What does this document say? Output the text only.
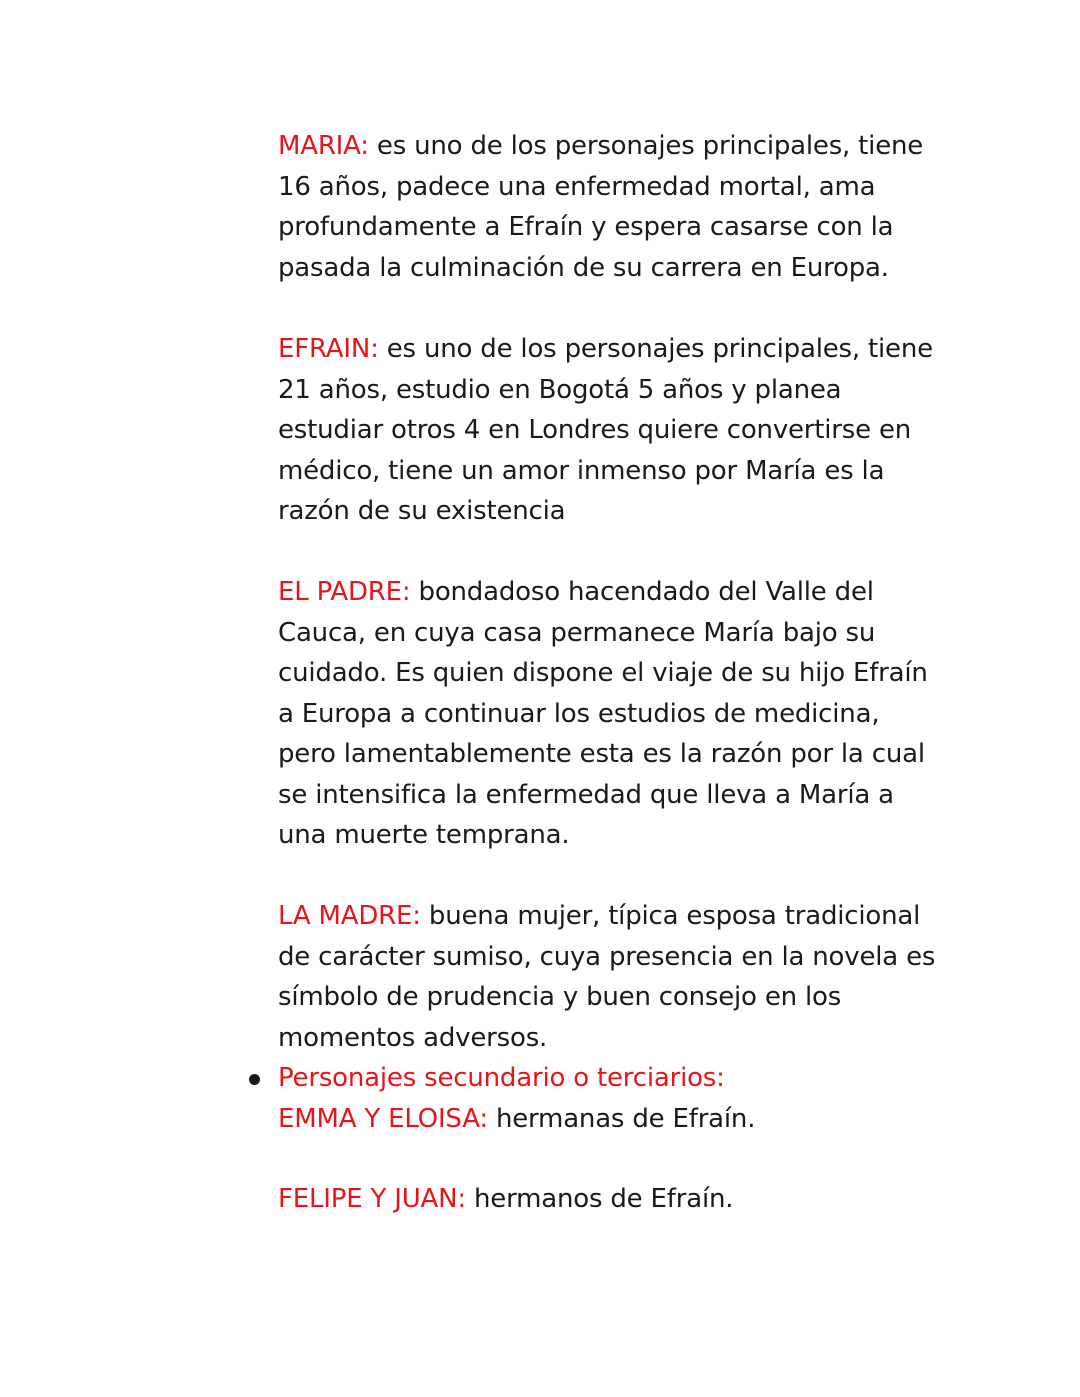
MARIA: es uno de los personajes principales, tiene 16 años, padece una enfermedad mortal, ama profundamente a Efraín y espera casarse con la pasada la culminación de su carrera en Europa.

EFRAIN: es uno de los personajes principales, tiene 21 años, estudio en Bogotá 5 años y planea estudiar otros 4 en Londres quiere convertirse en médico, tiene un amor inmenso por María es la razón de su existencia

EL PADRE: bondadoso hacendado del Valle del Cauca, en cuya casa permanece María bajo su cuidado. Es quien dispone el viaje de su hijo Efraín a Europa a continuar los estudios de medicina, pero lamentablemente esta es la razón por la cual se intensifica la enfermedad que lleva a María a una muerte temprana.

LA MADRE: buena mujer, típica esposa tradicional de carácter sumiso, cuya presencia en la novela es símbolo de prudencia y buen consejo en los momentos adversos.

Personajes secundario o terciarios:
EMMA Y ELOISA: hermanas de Efraín.

FELIPE Y JUAN: hermanos de Efraín.
